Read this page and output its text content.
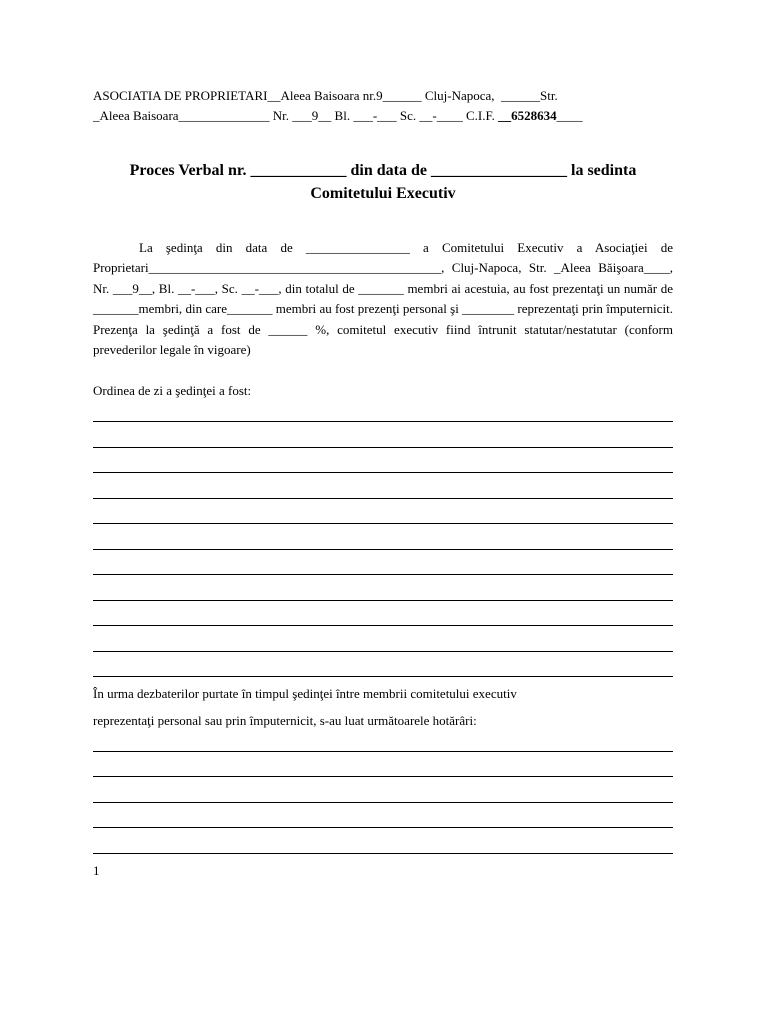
ASOCIATIA DE PROPRIETARI__Aleea Baisoara nr.9______ Cluj-Napoca,  ______Str.
_Aleea Baisoara______________ Nr. ___9__ Bl. ___-___ Sc. __-____ C.I.F. __6528634____
Proces Verbal nr. ____________ din data de _________________ la sedinta
Comitetului Executiv
La şedinţa din data de ________________ a Comitetului Executiv a Asociaţiei de Proprietari_____________________________________________, Cluj-Napoca, Str. _Aleea Băişoara____, Nr. ___9__, Bl. __-___, Sc. __-___, din totalul de _______ membri ai acestuia, au fost prezentaţi un număr de _______membri, din care_______ membri au fost prezenţi personal şi ________ reprezentaţi prin împuternicit. Prezenţa la şedinţă a fost de ______ %, comitetul executiv fiind întrunit statutar/nestatutar (conform prevederilor legale în vigoare)
Ordinea de zi a şedinţei a fost:
În urma dezbaterilor purtate în timpul şedinţei între membrii comitetului executiv
reprezentaţi personal sau prin împuternicit, s-au luat următoarele hotărâri:
1
